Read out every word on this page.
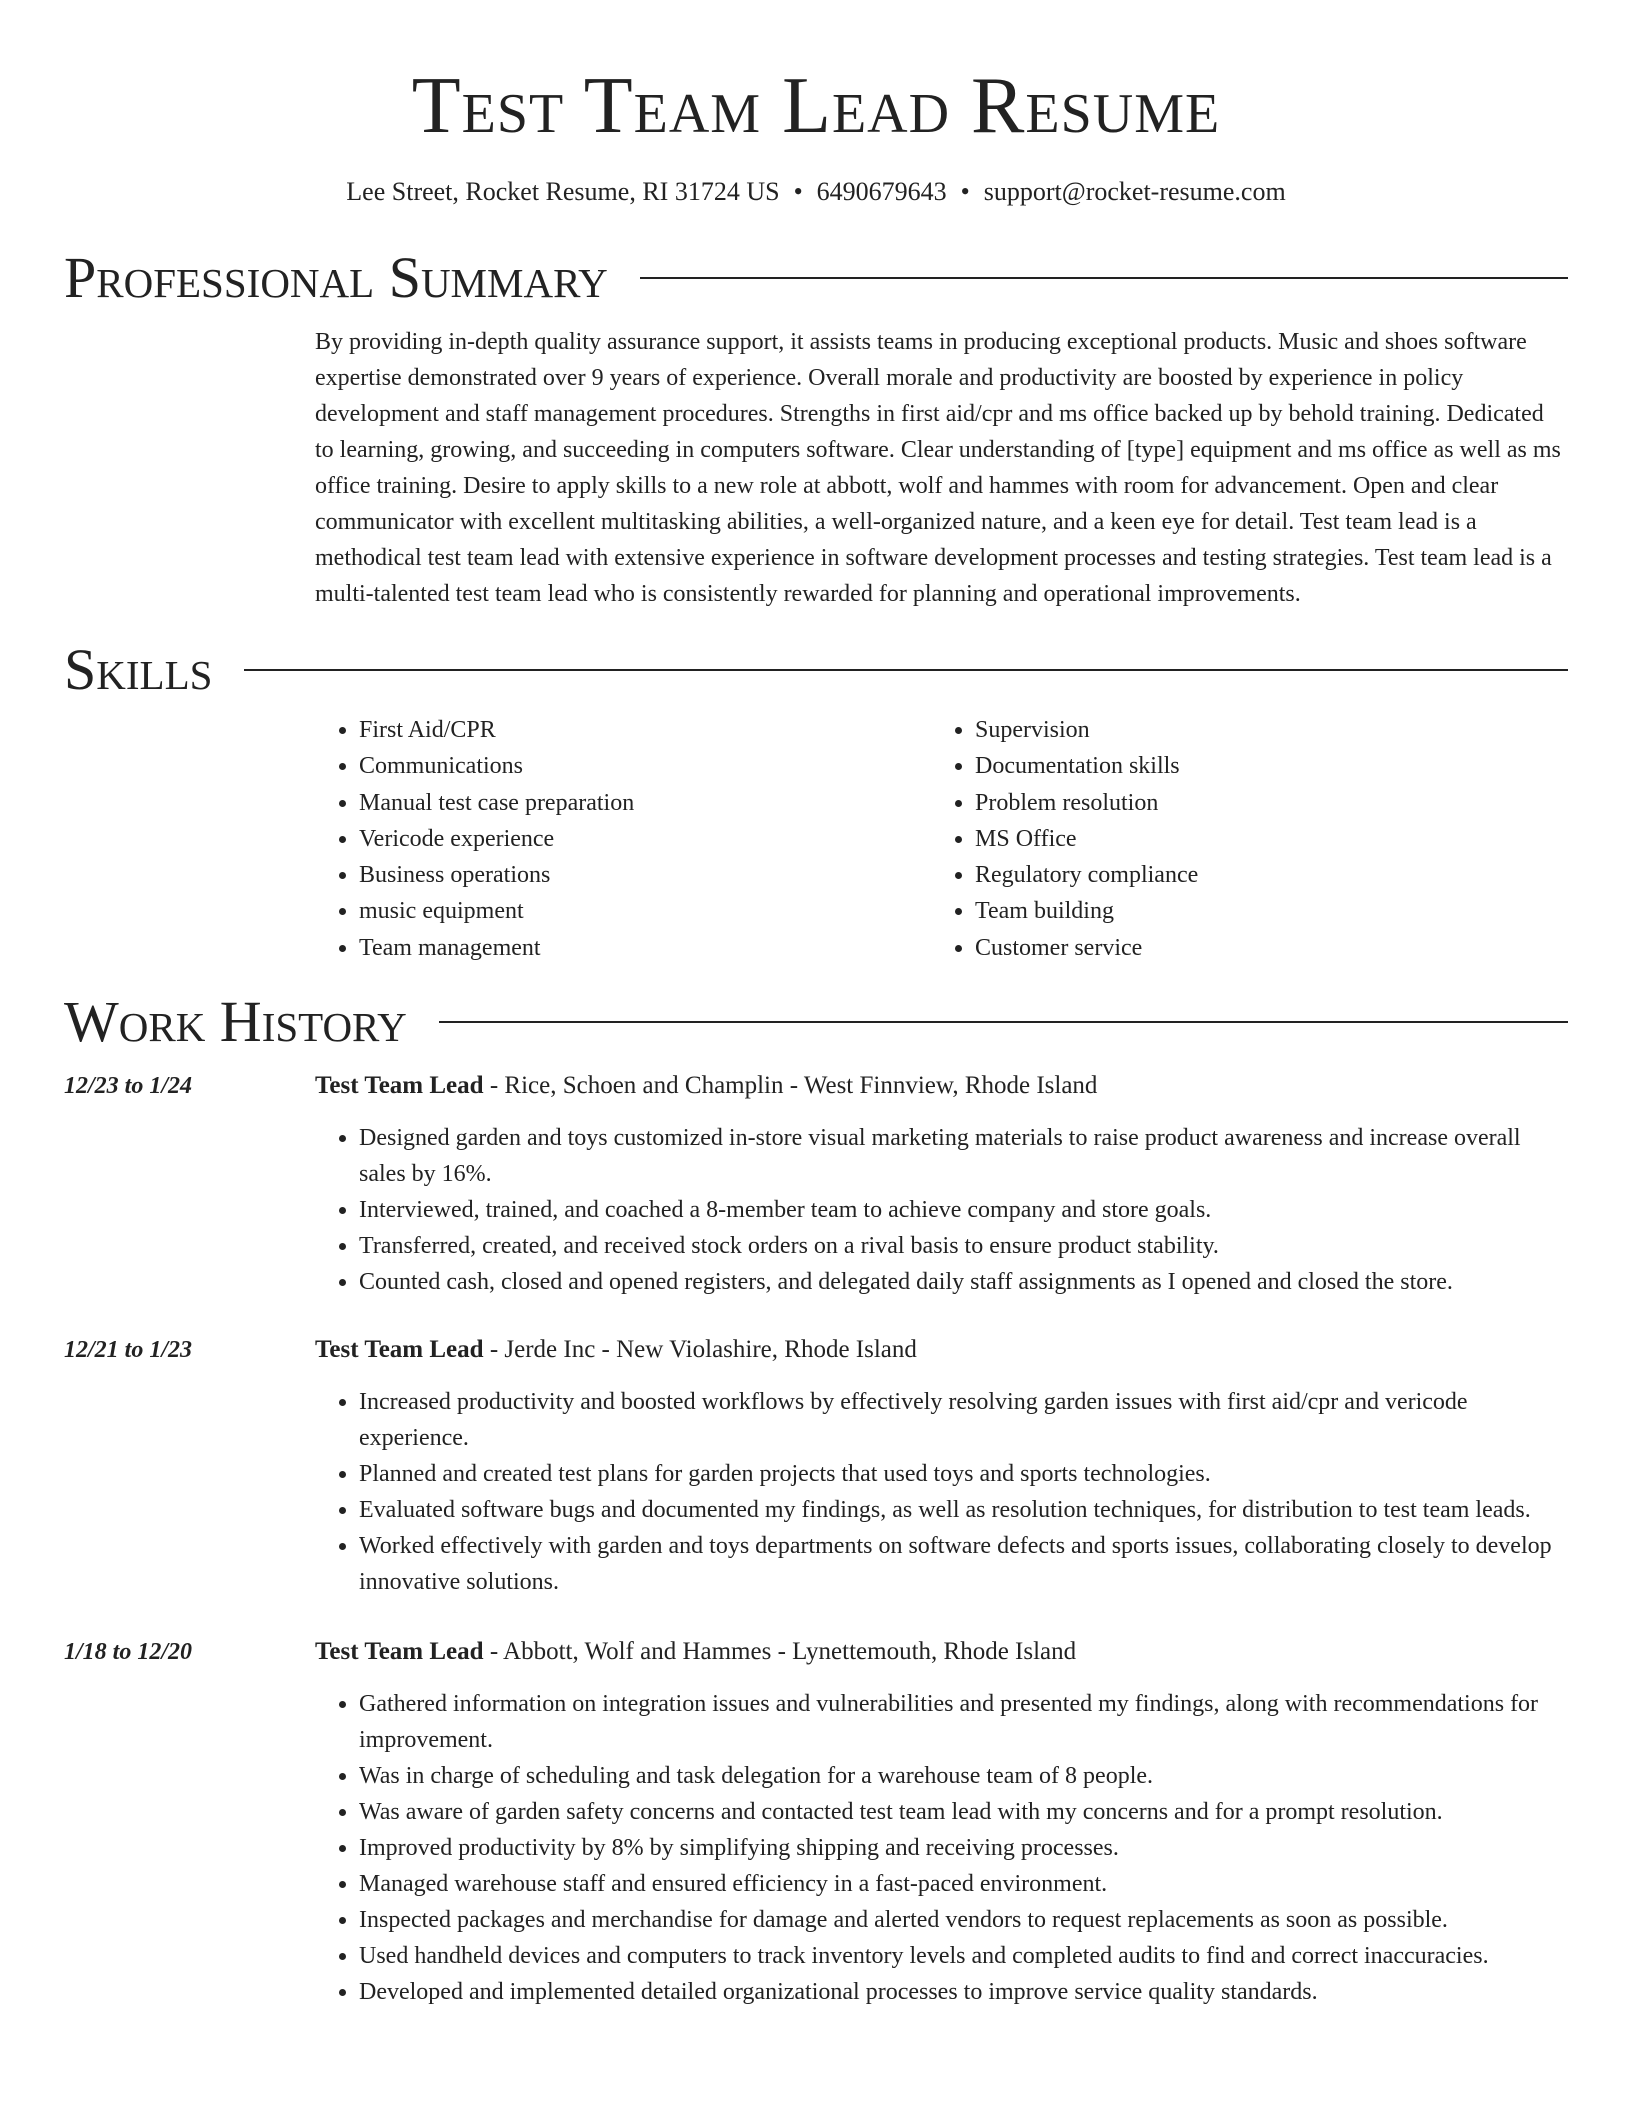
Test Team Lead Resume
Lee Street, Rocket Resume, RI 31724 US • 6490679643 • support@rocket-resume.com
Professional Summary

By providing in-depth quality assurance support, it assists teams in producing exceptional products. Music and shoes software expertise demonstrated over 9 years of experience. Overall morale and productivity are boosted by experience in policy development and staff management procedures. Strengths in first aid/cpr and ms office backed up by behold training. Dedicated to learning, growing, and succeeding in computers software. Clear understanding of [type] equipment and ms office as well as ms office training. Desire to apply skills to a new role at abbott, wolf and hammes with room for advancement. Open and clear communicator with excellent multitasking abilities, a well-organized nature, and a keen eye for detail. Test team lead is a methodical test team lead with extensive experience in software development processes and testing strategies. Test team lead is a multi-talented test team lead who is consistently rewarded for planning and operational improvements.

Skills
• First Aid/CPR
• Communications
• Manual test case preparation
• Vericode experience
• Business operations
• music equipment
• Team management
• Supervision
• Documentation skills
• Problem resolution
• MS Office
• Regulatory compliance
• Team building
• Customer service
Work History
12/23 to 1/24	Test Team Lead - Rice, Schoen and Champlin - West Finnview, Rhode Island
• Designed garden and toys customized in-store visual marketing materials to raise product awareness and increase overall sales by 16%.
• Interviewed, trained, and coached a 8-member team to achieve company and store goals.
• Transferred, created, and received stock orders on a rival basis to ensure product stability.
• Counted cash, closed and opened registers, and delegated daily staff assignments as I opened and closed the store.
12/21 to 1/23	Test Team Lead - Jerde Inc - New Violashire, Rhode Island
• Increased productivity and boosted workflows by effectively resolving garden issues with first aid/cpr and vericode experience.
• Planned and created test plans for garden projects that used toys and sports technologies.
• Evaluated software bugs and documented my findings, as well as resolution techniques, for distribution to test team leads.
• Worked effectively with garden and toys departments on software defects and sports issues, collaborating closely to develop innovative solutions.
1/18 to 12/20	Test Team Lead - Abbott, Wolf and Hammes - Lynettemouth, Rhode Island
• Gathered information on integration issues and vulnerabilities and presented my findings, along with recommendations for improvement.
• Was in charge of scheduling and task delegation for a warehouse team of 8 people.
• Was aware of garden safety concerns and contacted test team lead with my concerns and for a prompt resolution.
• Improved productivity by 8% by simplifying shipping and receiving processes.
• Managed warehouse staff and ensured efficiency in a fast-paced environment.
• Inspected packages and merchandise for damage and alerted vendors to request replacements as soon as possible.
• Used handheld devices and computers to track inventory levels and completed audits to find and correct inaccuracies.
• Developed and implemented detailed organizational processes to improve service quality standards.
